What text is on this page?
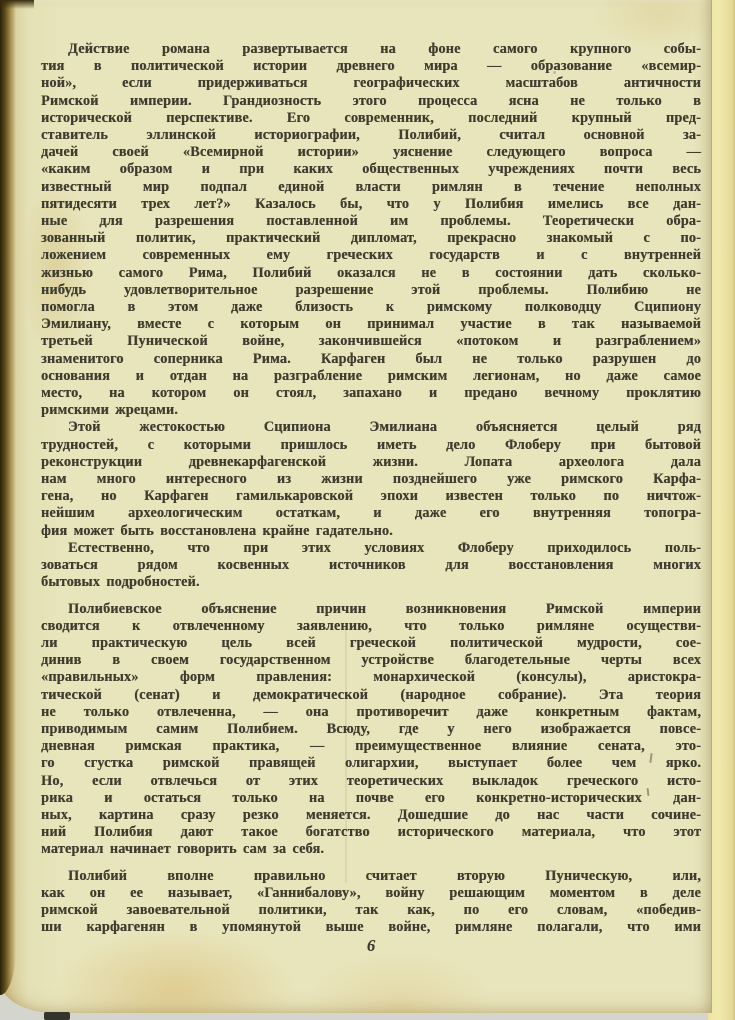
Действие романа развертывается на фоне самого крупного собы-
тия в политической истории древнего мира — образование «всемир-
ной», если придерживаться географических масштабов античности
Римской империи. Грандиозность этого процесса ясна не только в
исторической перспективе. Его современник, последний крупный пред-
ставитель эллинской историографии, Полибий, считал основной за-
дачей своей «Всемирной истории» уяснение следующего вопроса —
«каким образом и при каких общественных учреждениях почти весь
известный мир подпал единой власти римлян в течение неполных
пятидесяти трех лет?» Казалось бы, что у Полибия имелись все дан-
ные для разрешения поставленной им проблемы. Теоретически обра-
зованный политик, практический дипломат, прекрасно знакомый с по-
ложением современных ему греческих государств и с внутренней
жизнью самого Рима, Полибий оказался не в состоянии дать сколько-
нибудь удовлетворительное разрешение этой проблемы. Полибию не
помогла в этом даже близость к римскому полководцу Сципиону
Эмилиану, вместе с которым он принимал участие в так называемой
третьей Пунической войне, закончившейся «потоком и разграблением»
знаменитого соперника Рима. Карфаген был не только разрушен до
основания и отдан на разграбление римским легионам, но даже самое
место, на котором он стоял, запахано и предано вечному проклятию
римскими жрецами.
Этой жестокостью Сципиона Эмилиана объясняется целый ряд
трудностей, с которыми пришлось иметь дело Флоберу при бытовой
реконструкции древнекарфагенской жизни. Лопата археолога дала
нам много интересного из жизни позднейшего уже римского Карфа-
гена, но Карфаген гамилькаровской эпохи известен только по ничтож-
нейшим археологическим остаткам, и даже его внутренняя топогра-
фия может быть восстановлена крайне гадательно.
Естественно, что при этих условиях Флоберу приходилось поль-
зоваться рядом косвенных источников для восстановления многих
бытовых подробностей.
Полибиевское объяснение причин возникновения Римской империи
сводится к отвлеченному заявлению, что только римляне осуществи-
ли практическую цель всей греческой политической мудрости, сое-
динив в своем государственном устройстве благодетельные черты всех
«правильных» форм правления: монархической (консулы), аристокра-
тической (сенат) и демократической (народное собрание). Эта теория
не только отвлеченна, — она противоречит даже конкретным фактам,
приводимым самим Полибием. Всюду, где у него изображается повсе-
дневная римская практика, — преимущественное влияние сената, это-
го сгустка римской правящей олигархии, выступает более чем ярко.
Но, если отвлечься от этих теоретических выкладок греческого исто-
рика и остаться только на почве его конкретно-исторических дан-
ных, картина сразу резко меняется. Дошедшие до нас части сочине-
ний Полибия дают такое богатство исторического материала, что этот
материал начинает говорить сам за себя.
Полибий вполне правильно считает вторую Пуническую, или,
как он ее называет, «Ганнибалову», войну решающим моментом в деле
римской завоевательной политики, так как, по его словам, «победив-
ши карфагенян в упомянутой выше войне, римляне полагали, что ими
6
